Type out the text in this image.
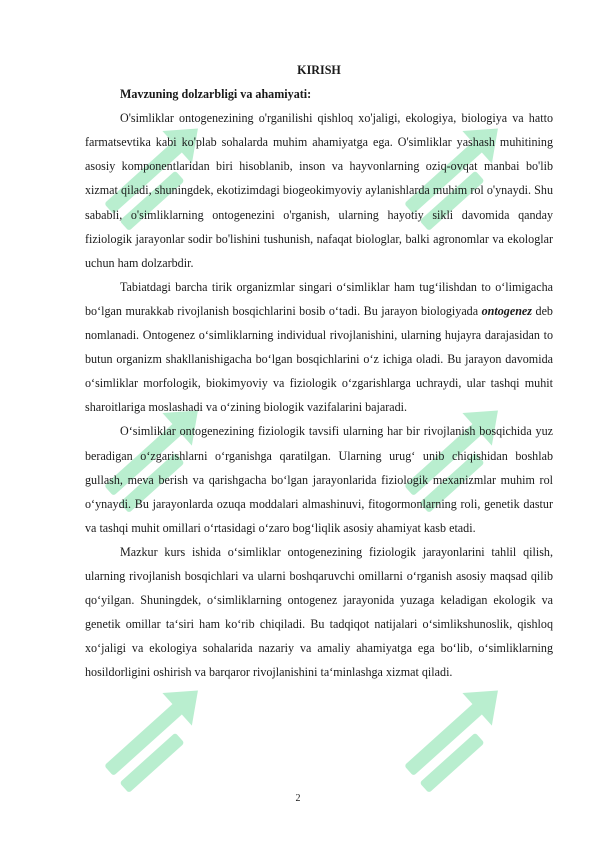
KIRISH

Mavzuning dolzarbligi va ahamiyati:

O'simliklar ontogenezining o'rganilishi qishloq xo'jaligi, ekologiya, biologiya va hatto farmatsevtika kabi ko'plab sohalarda muhim ahamiyatga ega. O'simliklar yashash muhitining asosiy komponentlaridan biri hisoblanib, inson va hayvonlarning oziq-ovqat manbai bo'lib xizmat qiladi, shuningdek, ekotizimdagi biogeokimyoviy aylanishlarda muhim rol o'ynaydi. Shu sababli, o'simliklarning ontogenezini o'rganish, ularning hayotiy sikli davomida qanday fiziologik jarayonlar sodir bo'lishini tushunish, nafaqat biologlar, balki agronomlar va ekologlar uchun ham dolzarbdir.

Tabiatdagi barcha tirik organizmlar singari o‘simliklar ham tug‘ilishdan to o‘limigacha bo‘lgan murakkab rivojlanish bosqichlarini bosib o‘tadi. Bu jarayon biologiyada ontogenez deb nomlanadi. Ontogenez o‘simliklarning individual rivojlanishini, ularning hujayra darajasidan to butun organizm shakllanishigacha bo‘lgan bosqichlarini o‘z ichiga oladi. Bu jarayon davomida o‘simliklar morfologik, biokimyoviy va fiziologik o‘zgarishlarga uchraydi, ular tashqi muhit sharoitlariga moslashadi va o‘zining biologik vazifalarini bajaradi.

O‘simliklar ontogenezining fiziologik tavsifi ularning har bir rivojlanish bosqichida yuz beradigan o‘zgarishlarni o‘rganishga qaratilgan. Ularning urug‘ unib chiqishidan boshlab gullash, meva berish va qarishgacha bo‘lgan jarayonlarida fiziologik mexanizmlar muhim rol o‘ynaydi. Bu jarayonlarda ozuqa moddalari almashinuvi, fitogormonlarning roli, genetik dastur va tashqi muhit omillari o‘rtasidagi o‘zaro bog‘liqlik asosiy ahamiyat kasb etadi.

Mazkur kurs ishida o‘simliklar ontogenezining fiziologik jarayonlarini tahlil qilish, ularning rivojlanish bosqichlari va ularni boshqaruvchi omillarni o‘rganish asosiy maqsad qilib qo‘yilgan. Shuningdek, o‘simliklarning ontogenez jarayonida yuzaga keladigan ekologik va genetik omillar ta‘siri ham ko‘rib chiqiladi. Bu tadqiqot natijalari o‘simlikshunoslik, qishloq xo‘jaligi va ekologiya sohalarida nazariy va amaliy ahamiyatga ega bo‘lib, o‘simliklarning hosildorligini oshirish va barqaror rivojlanishini ta‘minlashga xizmat qiladi.

2
